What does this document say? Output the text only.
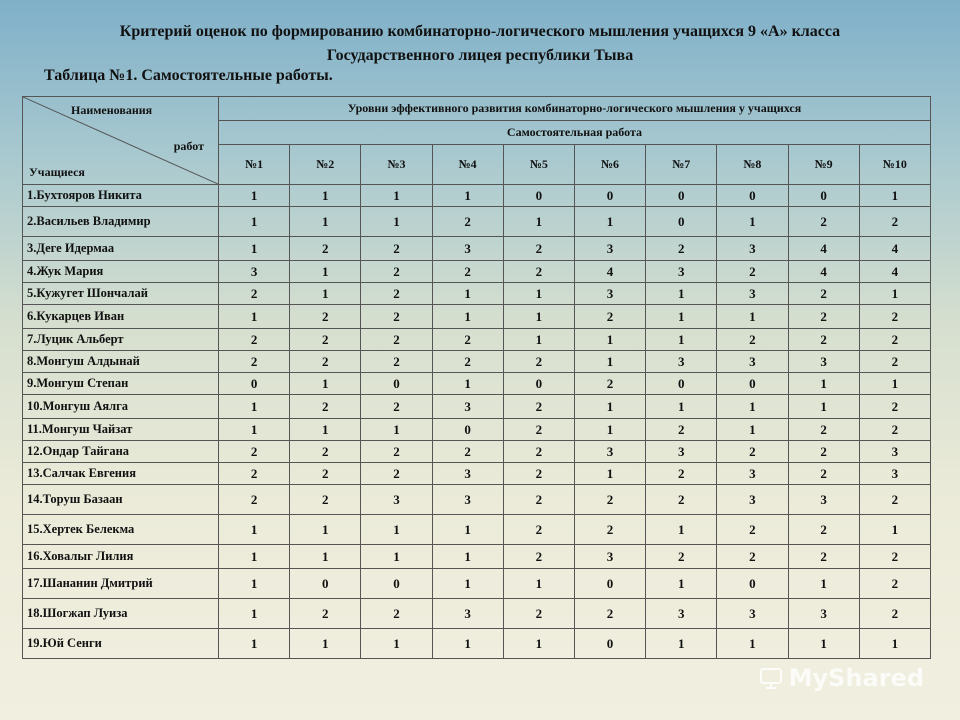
Критерий оценок по формированию комбинаторно-логического мышления учащихся 9 «А» класса
Государственного лицея республики Тыва
Таблица №1. Самостоятельные работы.
Наименования
работ
Учащиеся	Уровни эффективного развития комбинаторно-логического мышления у учащихся									
	Самостоятельная работа									
	№1	№2	№3	№4	№5	№6	№7	№8	№9	№10
1.Бухтояров Никита	1	1	1	1	0	0	0	0	0	1
2.Васильев Владимир	1	1	1	2	1	1	0	1	2	2
3.Деге Идермаа	1	2	2	3	2	3	2	3	4	4
4.Жук Мария	3	1	2	2	2	4	3	2	4	4
5.Кужугет Шончалай	2	1	2	1	1	3	1	3	2	1
6.Кукарцев Иван	1	2	2	1	1	2	1	1	2	2
7.Луцик Альберт	2	2	2	2	1	1	1	2	2	2
8.Монгуш Алдынай	2	2	2	2	2	1	3	3	3	2
9.Монгуш Степан	0	1	0	1	0	2	0	0	1	1
10.Монгуш Аялга	1	2	2	3	2	1	1	1	1	2
11.Монгуш Чайзат	1	1	1	0	2	1	2	1	2	2
12.Ондар Тайгана	2	2	2	2	2	3	3	2	2	3
13.Салчак Евгения	2	2	2	3	2	1	2	3	2	3
14.Торуш Базаан	2	2	3	3	2	2	2	3	3	2
15.Хертек Белекма	1	1	1	1	2	2	1	2	2	1
16.Ховалыг Лилия	1	1	1	1	2	3	2	2	2	2
17.Шананин Дмитрий	1	0	0	1	1	0	1	0	1	2
18.Шогжап Луиза	1	2	2	3	2	2	3	3	3	2
19.Юй Сенги	1	1	1	1	1	0	1	1	1	1
MyShared
